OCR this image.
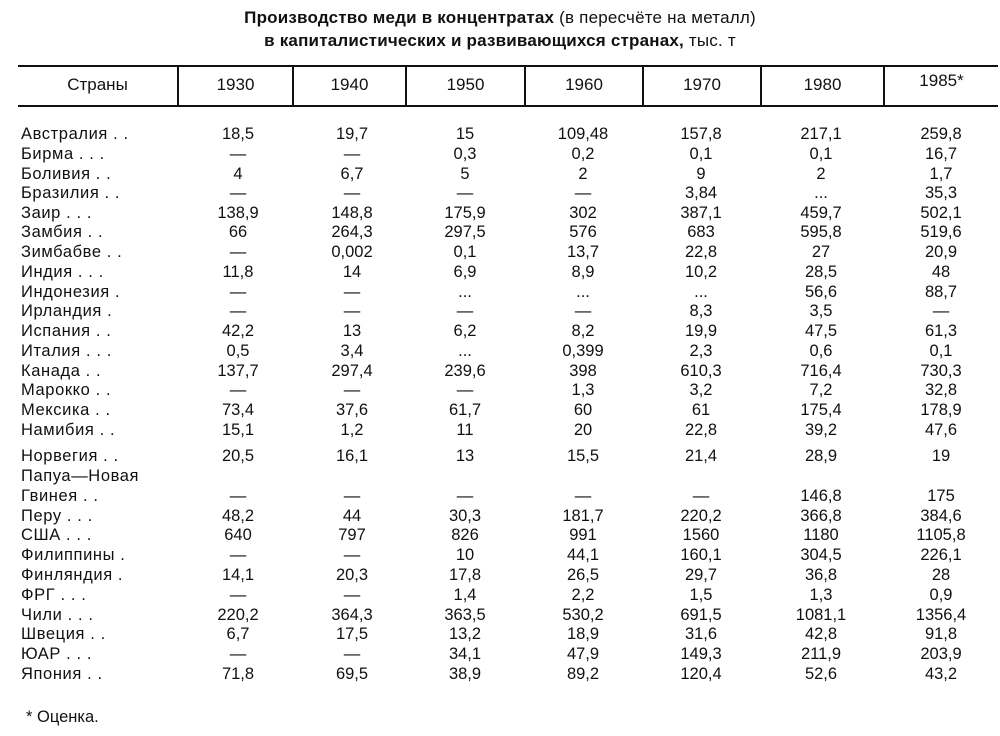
Производство меди в концентратах (в пересчёте на металл)
в капиталистических и развивающихся странах, тыс. т
Страны	1930	1940	1950	1960	1970	1980	1985*
Австралия . .	18,5	19,7	15	109,48	157,8	217,1	259,8
Бирма . . .	—	—	0,3	0,2	0,1	0,1	16,7
Боливия . .	4	6,7	5	2	9	2	1,7
Бразилия . .	—	—	—	—	3,84	...	35,3
Заир . . .	138,9	148,8	175,9	302	387,1	459,7	502,1
Замбия . .	66	264,3	297,5	576	683	595,8	519,6
Зимбабве . .	—	0,002	0,1	13,7	22,8	27	20,9
Индия . . .	11,8	14	6,9	8,9	10,2	28,5	48
Индонезия .	—	—	...	...	...	56,6	88,7
Ирландия .	—	—	—	—	8,3	3,5	—
Испания . .	42,2	13	6,2	8,2	19,9	47,5	61,3
Италия . . .	0,5	3,4	...	0,399	2,3	0,6	0,1
Канада . .	137,7	297,4	239,6	398	610,3	716,4	730,3
Марокко . .	—	—	—	1,3	3,2	7,2	32,8
Мексика . .	73,4	37,6	61,7	60	61	175,4	178,9
Намибия . .	15,1	1,2	11	20	22,8	39,2	47,6
Норвегия . .	20,5	16,1	13	15,5	21,4	28,9	19
Папуа—Новая
Гвинея . .	—	—	—	—	—	146,8	175
Перу . . .	48,2	44	30,3	181,7	220,2	366,8	384,6
США . . .	640	797	826	991	1560	1180	1105,8
Филиппины .	—	—	10	44,1	160,1	304,5	226,1
Финляндия .	14,1	20,3	17,8	26,5	29,7	36,8	28
ФРГ . . .	—	—	1,4	2,2	1,5	1,3	0,9
Чили . . .	220,2	364,3	363,5	530,2	691,5	1081,1	1356,4
Швеция . .	6,7	17,5	13,2	18,9	31,6	42,8	91,8
ЮАР . . .	—	—	34,1	47,9	149,3	211,9	203,9
Япония . .	71,8	69,5	38,9	89,2	120,4	52,6	43,2
* Оценка.
